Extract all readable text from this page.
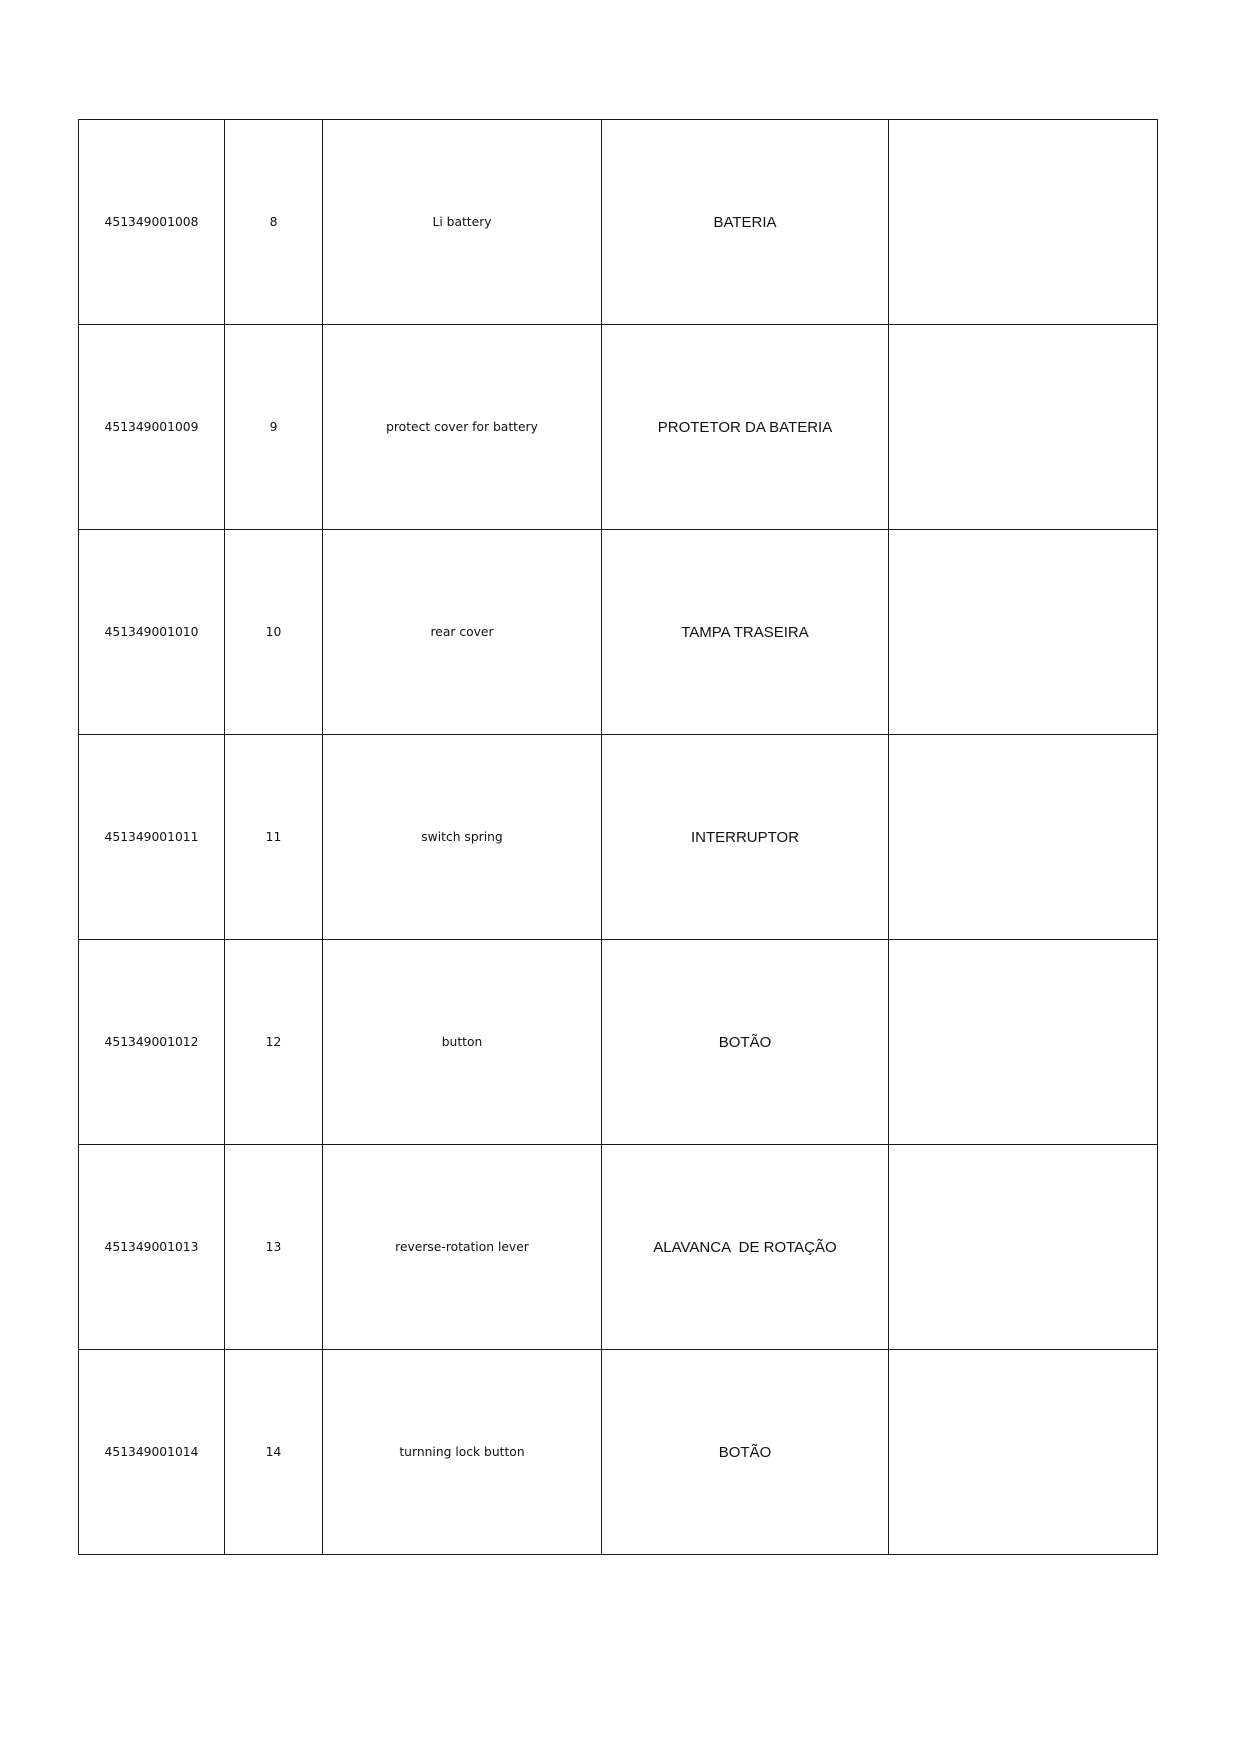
451349001008	8	Li battery	BATERIA	
451349001009	9	protect cover for battery	PROTETOR DA BATERIA	
451349001010	10	rear cover	TAMPA TRASEIRA	
451349001011	11	switch spring	INTERRUPTOR	
451349001012	12	button	BOTÃO	
451349001013	13	reverse-rotation lever	ALAVANCA  DE ROTAÇÃO	
451349001014	14	turnning lock button	BOTÃO	
